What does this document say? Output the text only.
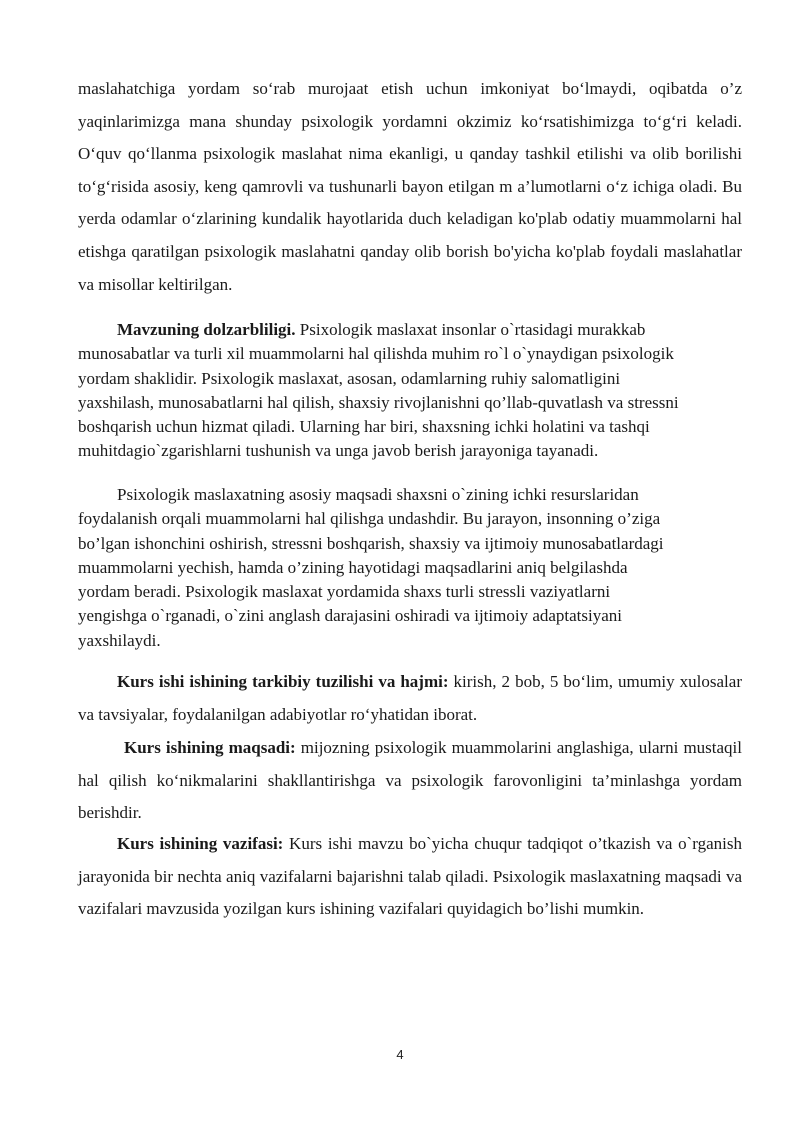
maslahatchiga yordam so‘rab murojaat etish uchun imkoniyat bo‘lmaydi, oqibatda o’z yaqinlarimizga mana shunday psixologik yordamni okzimiz ko‘rsatishimizga to‘g‘ri keladi. O‘quv qo‘llanma psixologik maslahat nima ekanligi, u qanday tashkil etilishi va olib borilishi to‘g‘risida asosiy, keng qamrovli va tushunarli bayon etilgan m a’lumotlarni o‘z ichiga oladi. Bu yerda odamlar o‘zlarining kundalik hayotlarida duch keladigan ko'plab odatiy muammolarni hal etishga qaratilgan psixologik maslahatni qanday olib borish bo'yicha ko'plab foydali maslahatlar va misollar keltirilgan.

Mavzuning dolzarbliligi. Psixologik maslaxat insonlar o`rtasidagi murakkab
munosabatlar va turli xil muammolarni hal qilishda muhim ro`l o`ynaydigan psixologik
yordam shaklidir. Psixologik maslaxat, asosan, odamlarning ruhiy salomatligini
yaxshilash, munosabatlarni hal qilish, shaxsiy rivojlanishni qo’llab-quvatlash va stressni
boshqarish uchun hizmat qiladi. Ularning har biri, shaxsning ichki holatini va tashqi
muhitdagio`zgarishlarni tushunish va unga javob berish jarayoniga tayanadi.
Psixologik maslaxatning asosiy maqsadi shaxsni o`zining ichki resurslaridan
foydalanish orqali muammolarni hal qilishga undashdir. Bu jarayon, insonning o’ziga
bo’lgan ishonchini oshirish, stressni boshqarish, shaxsiy va ijtimoiy munosabatlardagi
muammolarni yechish, hamda o’zining hayotidagi maqsadlarini aniq belgilashda
yordam beradi. Psixologik maslaxat yordamida shaxs turli stressli vaziyatlarni
yengishga o`rganadi, o`zini anglash darajasini oshiradi va ijtimoiy adaptatsiyani
yaxshilaydi.

Kurs ishi ishining tarkibiy tuzilishi va hajmi: kirish, 2 bob, 5 bo‘lim, umumiy xulosalar va tavsiyalar, foydalanilgan adabiyotlar ro‘yhatidan iborat.

Kurs ishining maqsadi: mijozning psixologik muammolarini anglashiga, ularni mustaqil hal qilish ko‘nikmalarini shakllantirishga va psixologik farovonligini ta’minlashga yordam berishdir.

Kurs ishining vazifasi: Kurs ishi mavzu bo`yicha chuqur tadqiqot o’tkazish va o`rganish jarayonida bir nechta aniq vazifalarni bajarishni talab qiladi. Psixologik maslaxatning maqsadi va vazifalari mavzusida yozilgan kurs ishining vazifalari quyidagich bo’lishi mumkin.

4
